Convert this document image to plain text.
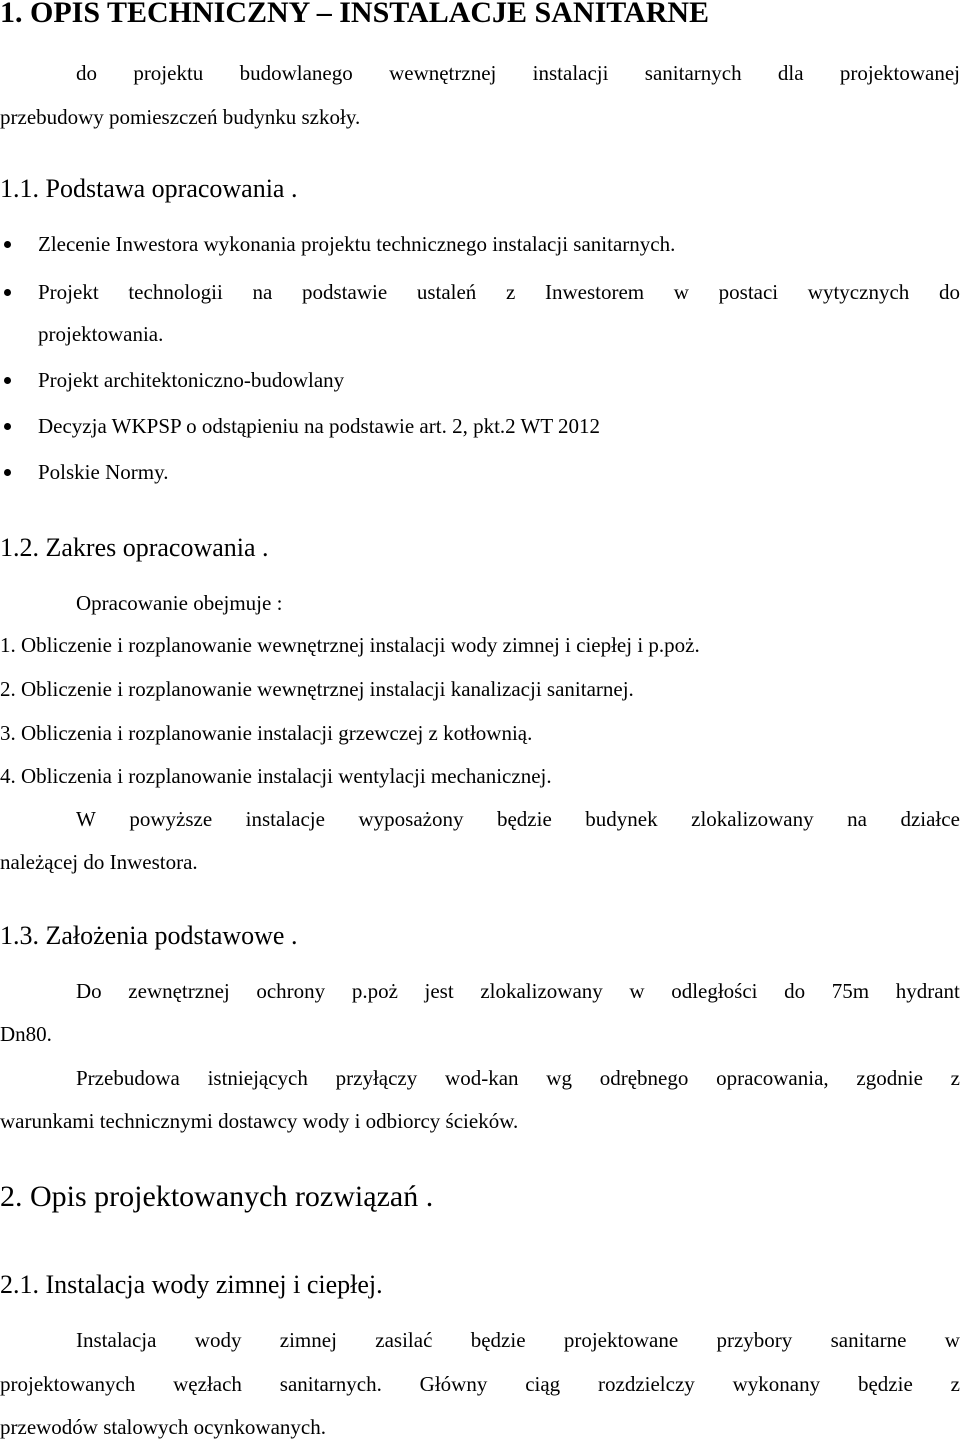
1. OPIS TECHNICZNY – INSTALACJE SANITARNE
do projektu budowlanego wewnętrznej instalacji sanitarnych dla projektowanej
przebudowy pomieszczeń budynku szkoły.
1.1. Podstawa opracowania .
Zlecenie Inwestora wykonania projektu technicznego instalacji sanitarnych.
Projekt technologii na podstawie ustaleń z Inwestorem w postaci wytycznych do
projektowania.
Projekt architektoniczno-budowlany
Decyzja WKPSP o odstąpieniu na podstawie art. 2, pkt.2 WT 2012
Polskie Normy.
1.2. Zakres opracowania .
Opracowanie obejmuje :
1. Obliczenie i rozplanowanie wewnętrznej instalacji wody zimnej i ciepłej i p.poż.
2. Obliczenie i rozplanowanie wewnętrznej instalacji kanalizacji sanitarnej.
3. Obliczenia i rozplanowanie instalacji grzewczej z kotłownią.
4. Obliczenia i rozplanowanie instalacji wentylacji mechanicznej.
W powyższe instalacje wyposażony będzie budynek zlokalizowany na działce
należącej do Inwestora.
1.3. Założenia podstawowe .
Do zewnętrznej ochrony p.poż jest zlokalizowany w odległości do 75m hydrant
Dn80.
Przebudowa istniejących przyłączy wod-kan wg odrębnego opracowania, zgodnie z
warunkami technicznymi dostawcy wody i odbiorcy ścieków.
2. Opis projektowanych rozwiązań .
2.1. Instalacja wody zimnej i ciepłej.
Instalacja wody zimnej zasilać będzie projektowane przybory sanitarne w
projektowanych węzłach sanitarnych. Główny ciąg rozdzielczy wykonany będzie z
przewodów stalowych ocynkowanych.
